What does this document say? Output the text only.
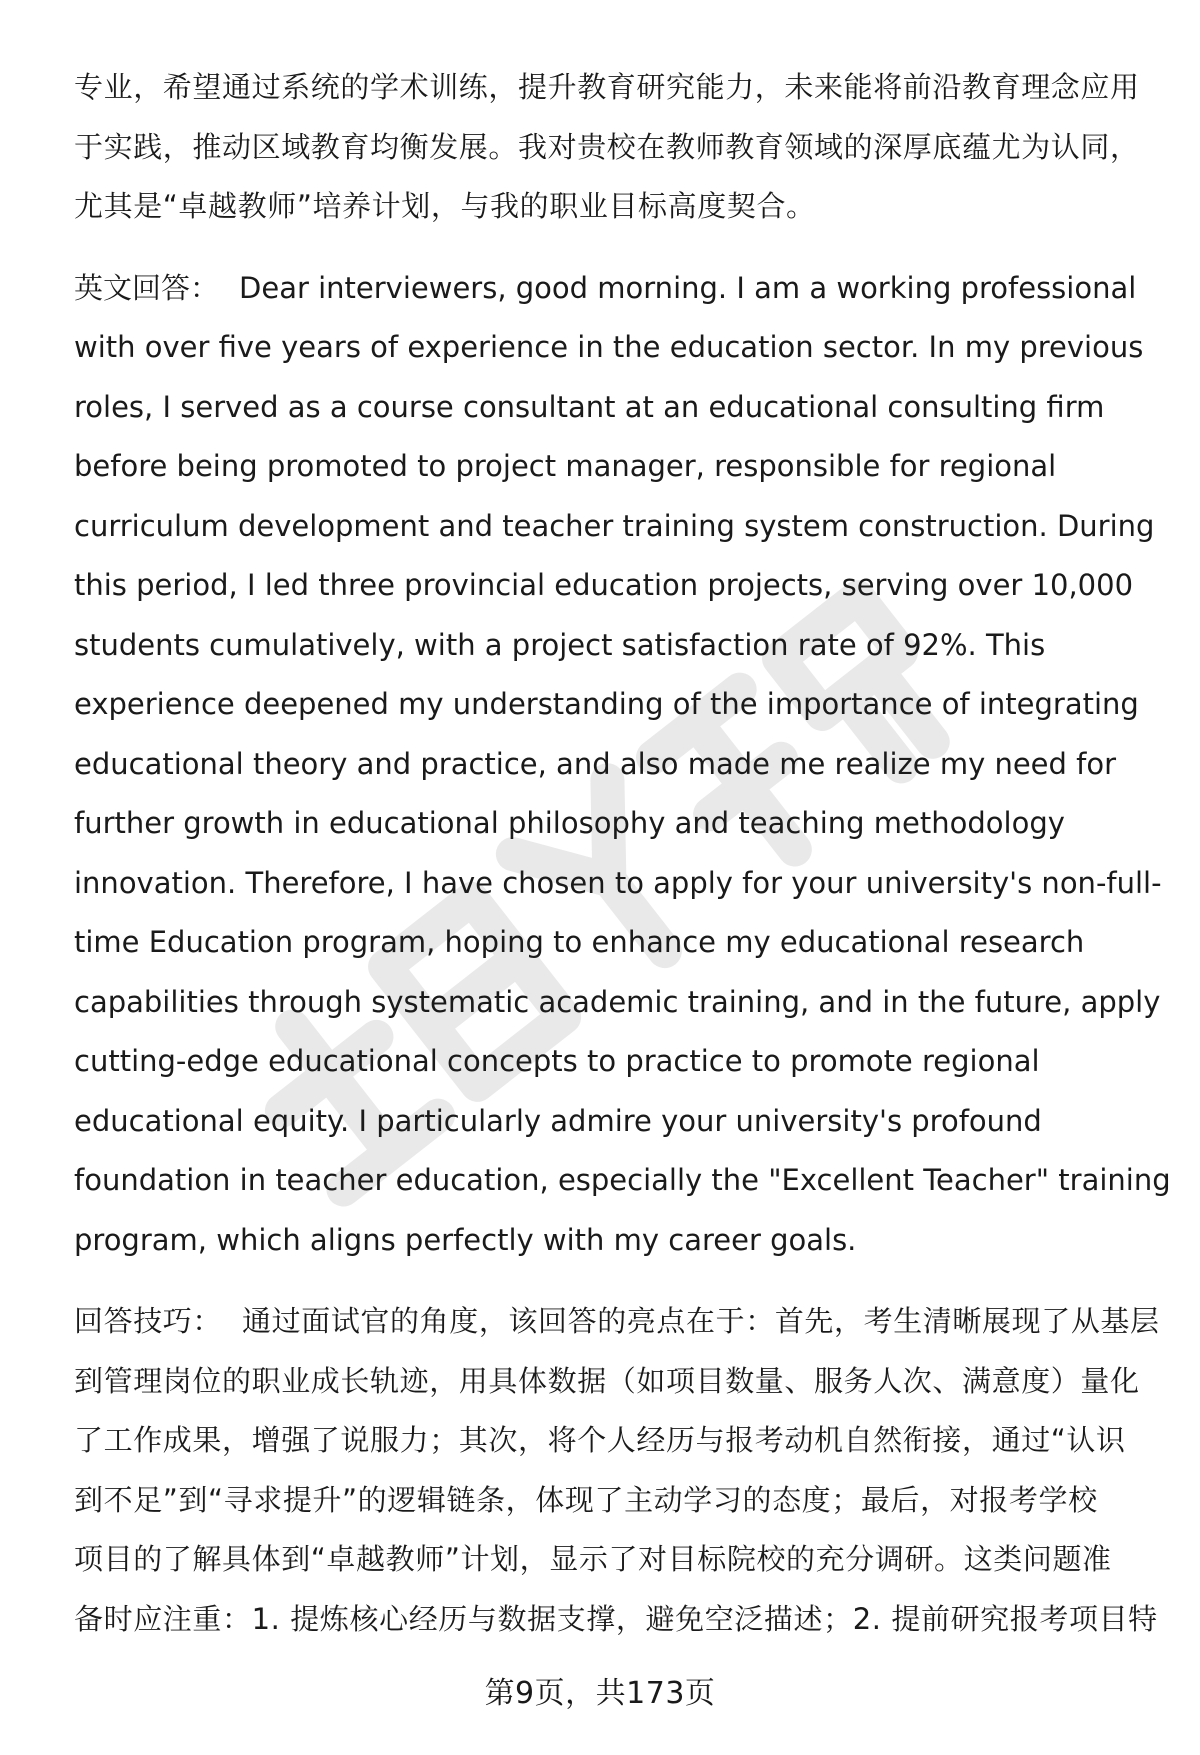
专业，希望通过系统的学术训练，提升教育研究能力，未来能将前沿教育理念应用
于实践，推动区域教育均衡发展。我对贵校在教师教育领域的深厚底蕴尤为认同，
尤其是“卓越教师”培养计划，与我的职业目标高度契合。

英文回答： Dear interviewers, good morning. I am a working professional
with over five years of experience in the education sector. In my previous
roles, I served as a course consultant at an educational consulting firm
before being promoted to project manager, responsible for regional
curriculum development and teacher training system construction. During
this period, I led three provincial education projects, serving over 10,000
students cumulatively, with a project satisfaction rate of 92%. This
experience deepened my understanding of the importance of integrating
educational theory and practice, and also made me realize my need for
further growth in educational philosophy and teaching methodology
innovation. Therefore, I have chosen to apply for your university's non-full-
time Education program, hoping to enhance my educational research
capabilities through systematic academic training, and in the future, apply
cutting-edge educational concepts to practice to promote regional
educational equity. I particularly admire your university's profound
foundation in teacher education, especially the "Excellent Teacher" training
program, which aligns perfectly with my career goals.

回答技巧： 通过面试官的角度，该回答的亮点在于：首先，考生清晰展现了从基层
到管理岗位的职业成长轨迹，用具体数据（如项目数量、服务人次、满意度）量化
了工作成果，增强了说服力；其次，将个人经历与报考动机自然衔接，通过“认识
到不足”到“寻求提升”的逻辑链条，体现了主动学习的态度；最后，对报考学校
项目的了解具体到“卓越教师”计划，显示了对目标院校的充分调研。这类问题准
备时应注重：1. 提炼核心经历与数据支撑，避免空泛描述；2. 提前研究报考项目特

第9页，共173页
